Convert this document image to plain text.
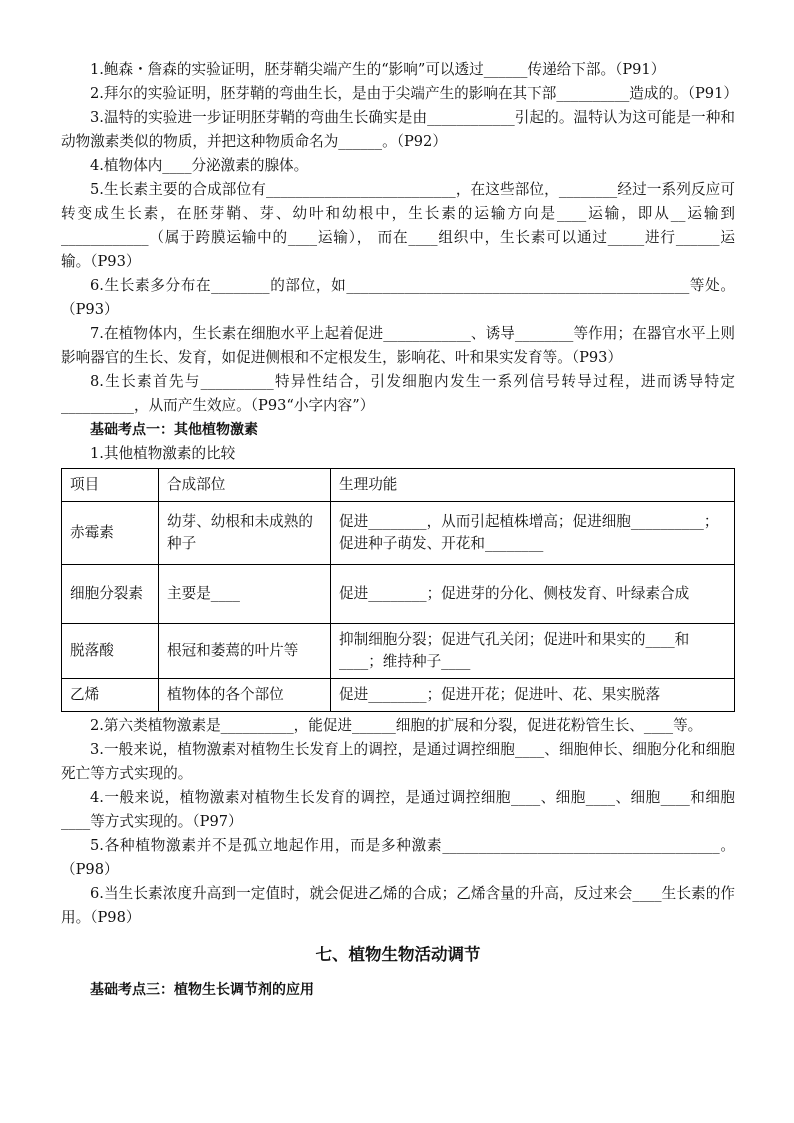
1.鲍森・詹森的实验证明，胚芽鞘尖端产生的“影响”可以透过______传递给下部。（P91）

2.拜尔的实验证明，胚芽鞘的弯曲生长，是由于尖端产生的影响在其下部__________造成的。（P91）

3.温特的实验进一步证明胚芽鞘的弯曲生长确实是由____________引起的。温特认为这可能是一种和动物激素类似的物质，并把这种物质命名为______。（P92）

4.植物体内____分泌激素的腺体。

5.生长素主要的合成部位有__________________________，在这些部位，________经过一系列反应可转变成生长素，在胚芽鞘、芽、幼叶和幼根中，生长素的运输方向是____运输，即从__运输到____________（属于跨膜运输中的____运输）， 而在____组织中，生长素可以通过_____进行______运输。（P93）

6.生长素多分布在________的部位，如_______________________________________________等处。（P93）

7.在植物体内，生长素在细胞水平上起着促进____________、诱导________等作用；在器官水平上则影响器官的生长、发育，如促进侧根和不定根发生，影响花、叶和果实发育等。（P93）

8.生长素首先与__________特异性结合，引发细胞内发生一系列信号转导过程，进而诱导特定__________，从而产生效应。（P93“小字内容”）

基础考点一：其他植物激素

1.其他植物激素的比较

项目	合成部位	生理功能
赤霉素	幼芽、幼根和未成熟的种子	促进________，从而引起植株增高；促进细胞__________；促进种子萌发、开花和________
细胞分裂素	主要是____	促进________；促进芽的分化、侧枝发育、叶绿素合成
脱落酸	根冠和萎蔫的叶片等	抑制细胞分裂；促进气孔关闭；促进叶和果实的____和____；维持种子____
乙烯	植物体的各个部位	促进________；促进开花；促进叶、花、果实脱落

2.第六类植物激素是__________，能促进______细胞的扩展和分裂，促进花粉管生长、____等。

3.一般来说，植物激素对植物生长发育上的调控，是通过调控细胞____、细胞伸长、细胞分化和细胞死亡等方式实现的。

4.一般来说，植物激素对植物生长发育的调控，是通过调控细胞____、细胞____、细胞____和细胞____等方式实现的。（P97）

5.各种植物激素并不是孤立地起作用，而是多种激素______________________________________。（P98）

6.当生长素浓度升高到一定值时，就会促进乙烯的合成；乙烯含量的升高，反过来会____生长素的作用。（P98）

七、植物生物活动调节

基础考点三：植物生长调节剂的应用
